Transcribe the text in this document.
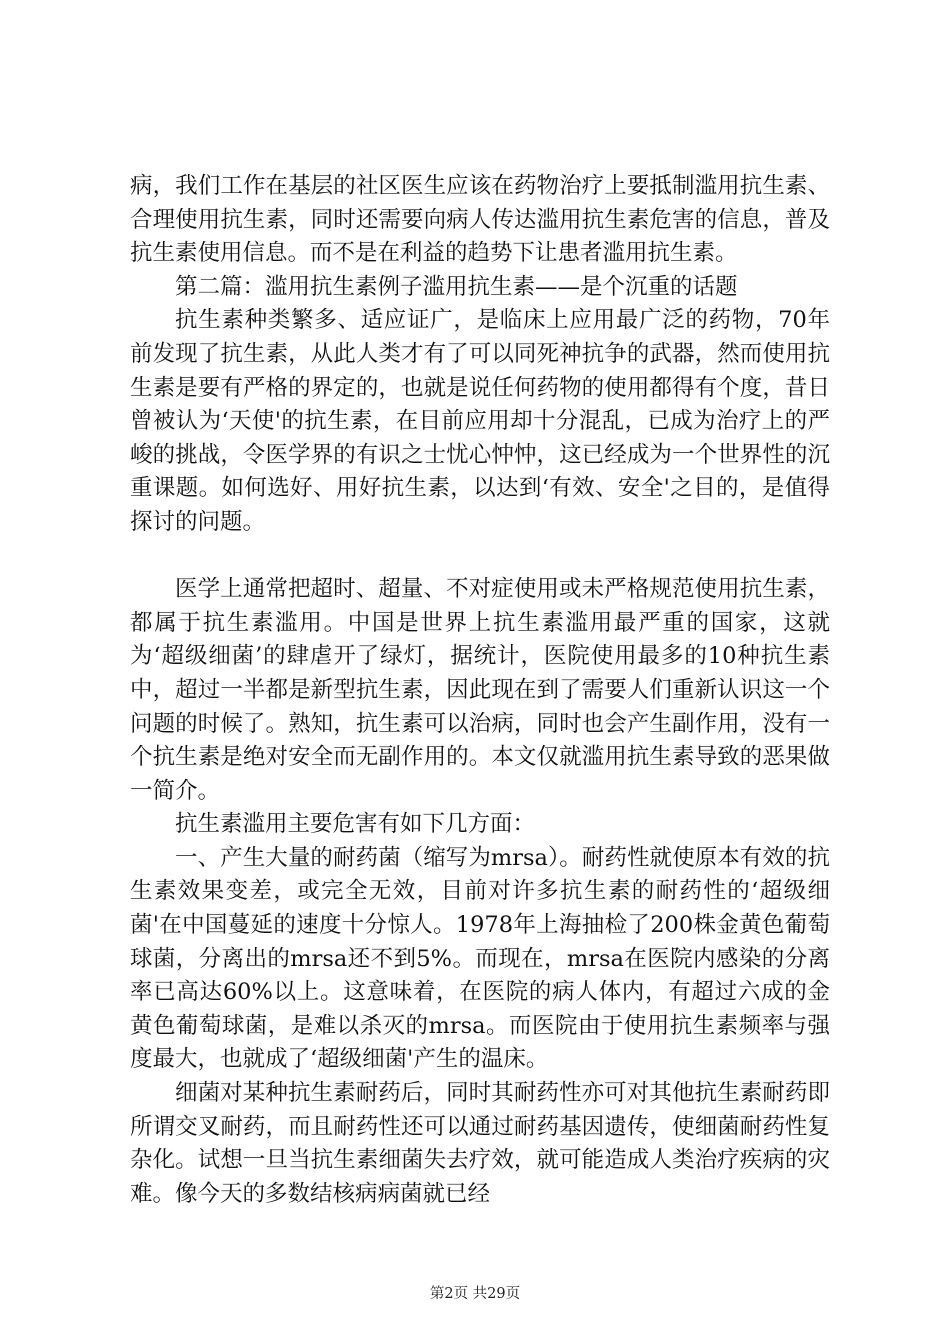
病，我们工作在基层的社区医生应该在药物治疗上要抵制滥用抗生素、合理使用抗生素，同时还需要向病人传达滥用抗生素危害的信息，普及抗生素使用信息。而不是在利益的趋势下让患者滥用抗生素。

第二篇：滥用抗生素例子滥用抗生素——是个沉重的话题

抗生素种类繁多、适应证广，是临床上应用最广泛的药物，70年前发现了抗生素，从此人类才有了可以同死神抗争的武器，然而使用抗生素是要有严格的界定的，也就是说任何药物的使用都得有个度，昔日曾被认为‘天使'的抗生素，在目前应用却十分混乱，已成为治疗上的严峻的挑战，令医学界的有识之士忧心忡忡，这已经成为一个世界性的沉重课题。如何选好、用好抗生素，以达到‘有效、安全'之目的，是值得探讨的问题。

医学上通常把超时、超量、不对症使用或未严格规范使用抗生素，都属于抗生素滥用。中国是世界上抗生素滥用最严重的国家，这就为‘超级细菌’的肆虐开了绿灯，据统计，医院使用最多的10种抗生素中，超过一半都是新型抗生素，因此现在到了需要人们重新认识这一个问题的时候了。熟知，抗生素可以治病，同时也会产生副作用，没有一个抗生素是绝对安全而无副作用的。本文仅就滥用抗生素导致的恶果做一简介。

抗生素滥用主要危害有如下几方面：

一、产生大量的耐药菌（缩写为mrsa）。耐药性就使原本有效的抗生素效果变差，或完全无效，目前对许多抗生素的耐药性的‘超级细菌'在中国蔓延的速度十分惊人。1978年上海抽检了200株金黄色葡萄球菌，分离出的mrsa还不到5%。而现在，mrsa在医院内感染的分离率已高达60%以上。这意味着，在医院的病人体内，有超过六成的金黄色葡萄球菌，是难以杀灭的mrsa。而医院由于使用抗生素频率与强度最大，也就成了‘超级细菌'产生的温床。

细菌对某种抗生素耐药后，同时其耐药性亦可对其他抗生素耐药即所谓交叉耐药，而且耐药性还可以通过耐药基因遗传，使细菌耐药性复杂化。试想一旦当抗生素细菌失去疗效，就可能造成人类治疗疾病的灾难。像今天的多数结核病病菌就已经

第2页 共29页
